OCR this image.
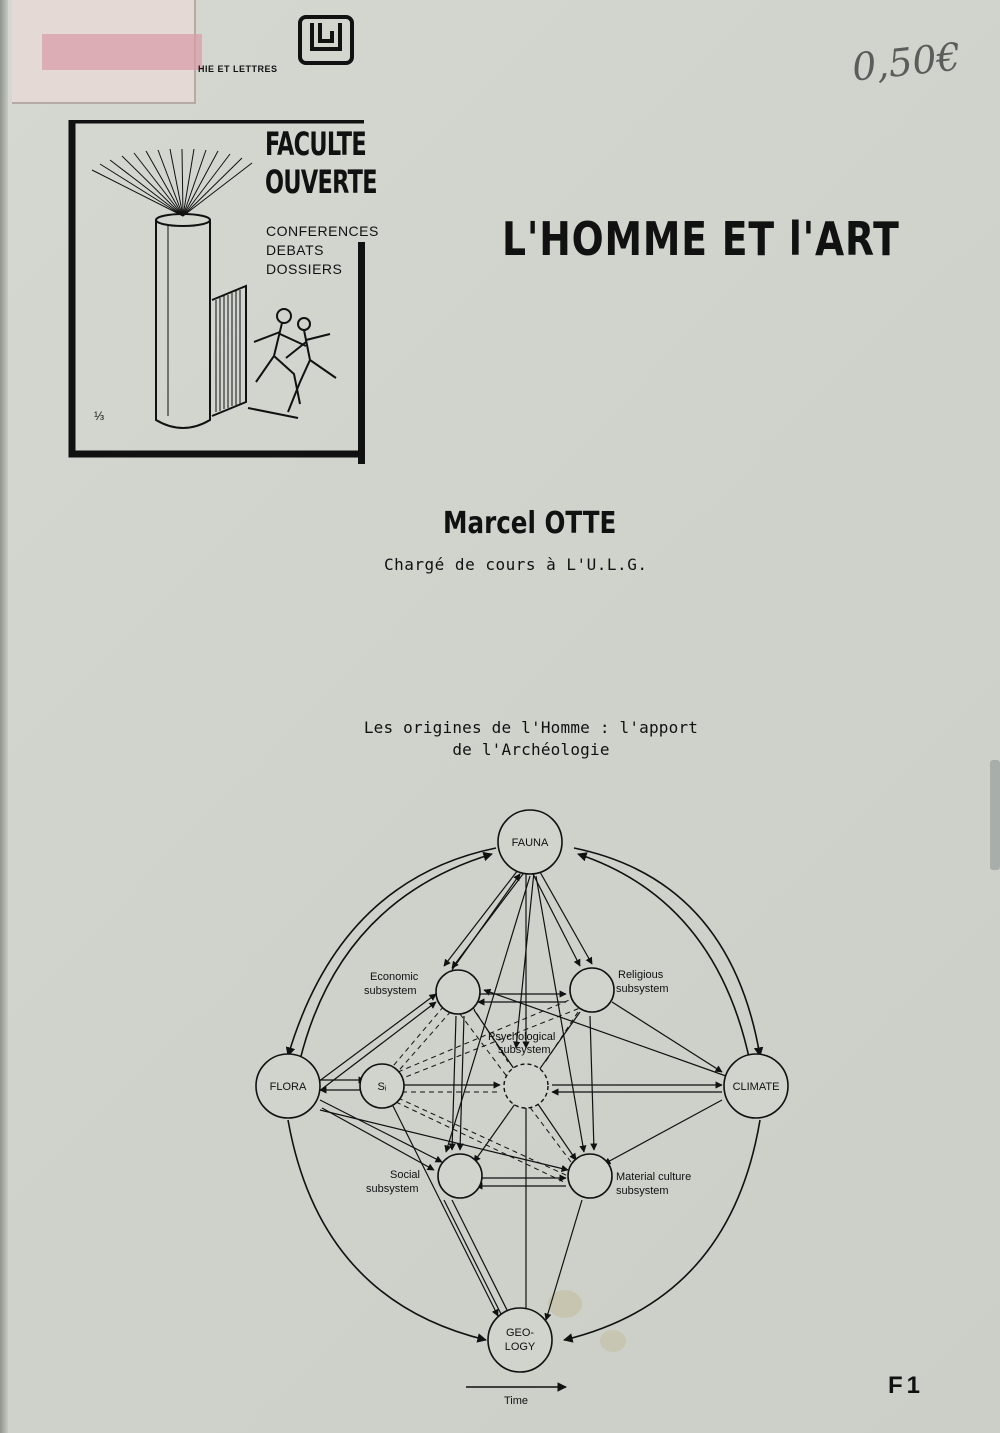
HIE ET LETTRES	0,50€
⅓
FACULTE
OUVERTE
CONFERENCES
DEBATS
DOSSIERS
L'HOMME ET l'ART
Marcel OTTE
Chargé de cours à L'U.L.G.
Les origines de l'Homme : l'apport
de l'Archéologie
FAUNA
FLORA	CLIMATE
GEO-
LOGY
Sᵢ
Economic
subsystem
Religious
subsystem
Psychological
subsystem
Social
subsystem
Material culture
subsystem
Time
F1
